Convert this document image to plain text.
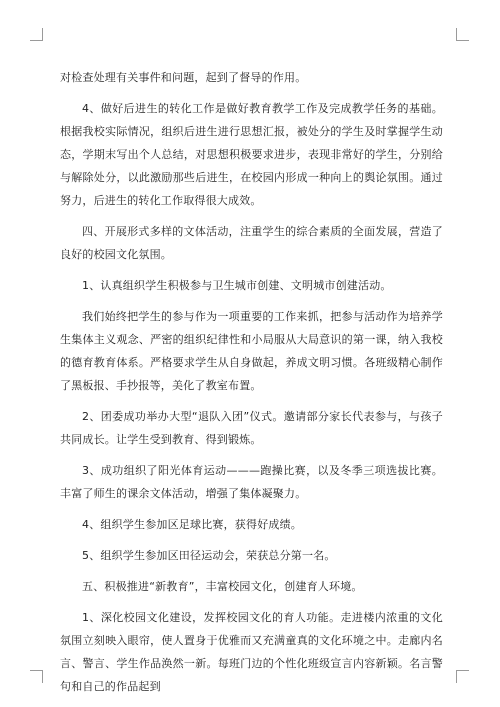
对检查处理有关事件和问题，起到了督导的作用。

4、做好后进生的转化工作是做好教育教学工作及完成教学任务的基础。根据我校实际情况，组织后进生进行思想汇报，被处分的学生及时掌握学生动态，学期末写出个人总结，对思想积极要求进步，表现非常好的学生，分别给与解除处分，以此激励那些后进生，在校园内形成一种向上的舆论氛围。通过努力，后进生的转化工作取得很大成效。

四、开展形式多样的文体活动，注重学生的综合素质的全面发展，营造了良好的校园文化氛围。

1、认真组织学生积极参与卫生城市创建、文明城市创建活动。

我们始终把学生的参与作为一项重要的工作来抓，把参与活动作为培养学生集体主义观念、严密的组织纪律性和小局服从大局意识的第一课，纳入我校的德育教育体系。严格要求学生从自身做起，养成文明习惯。各班级精心制作了黑板报、手抄报等，美化了教室布置。

2、团委成功举办大型“退队入团”仪式。邀请部分家长代表参与，与孩子共同成长。让学生受到教育、得到锻炼。

3、成功组织了阳光体育运动———跑操比赛，以及冬季三项选拔比赛。丰富了师生的课余文体活动，增强了集体凝聚力。

4、组织学生参加区足球比赛，获得好成绩。

5、组织学生参加区田径运动会，荣获总分第一名。

五、积极推进“新教育”，丰富校园文化，创建育人环境。

1、深化校园文化建设，发挥校园文化的育人功能。走进楼内浓重的文化氛围立刻映入眼帘，使人置身于优雅而又充满童真的文化环境之中。走廊内名言、警言、学生作品涣然一新。每班门边的个性化班级宣言内容新颖。名言警句和自己的作品起到
